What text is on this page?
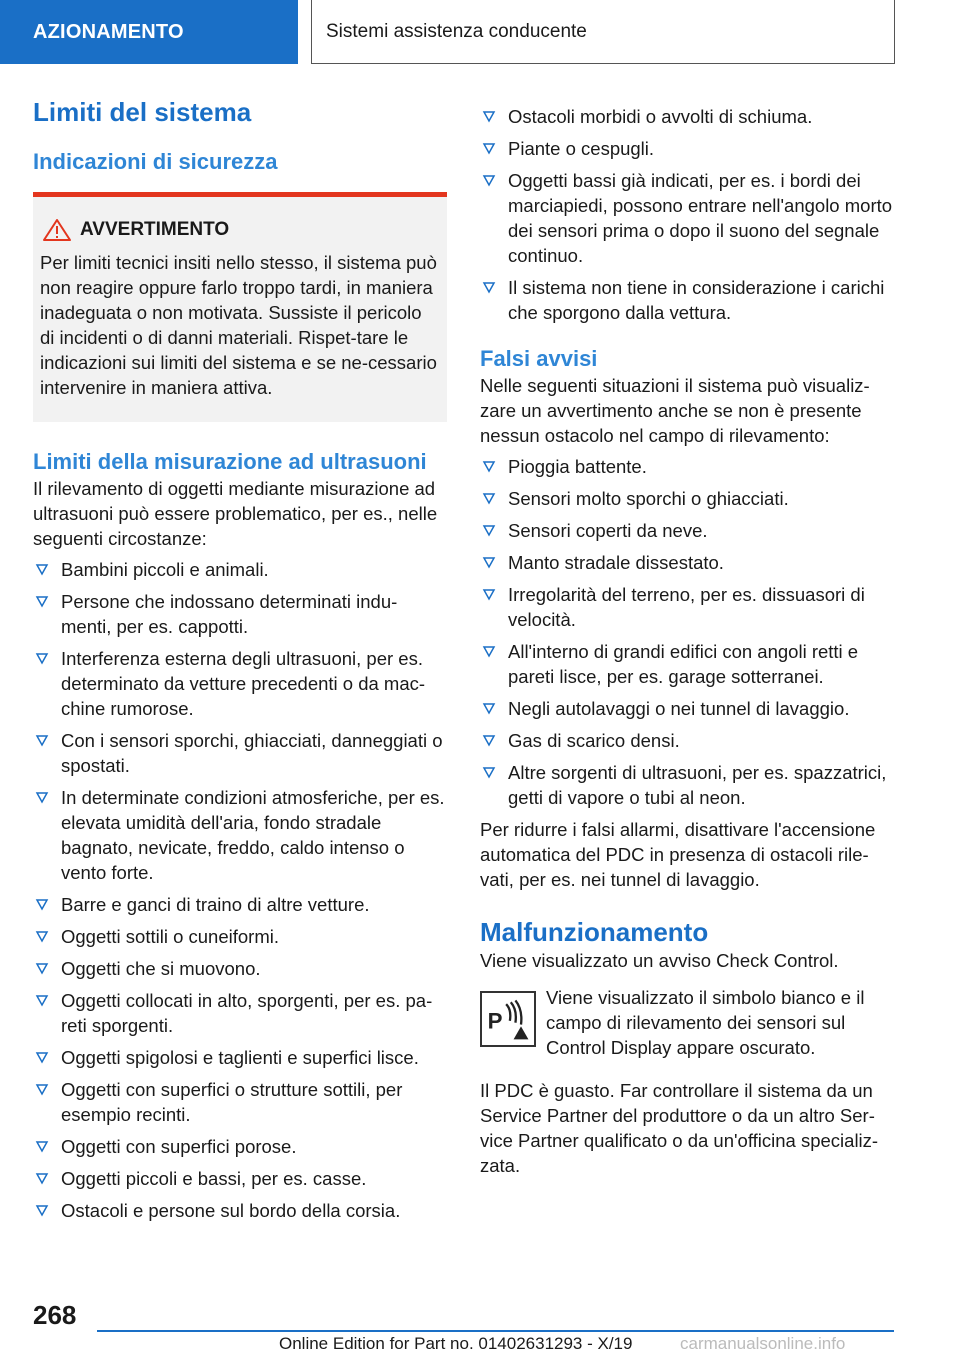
AZIONAMENTO	Sistemi assistenza conducente
Limiti del sistema
Indicazioni di sicurezza
AVVERTIMENTO

Per limiti tecnici insiti nello stesso, il sistema può non reagire oppure farlo troppo tardi, in maniera inadeguata o non motivata. Sussiste il pericolo di incidenti o di danni materiali. Rispet-tare le indicazioni sui limiti del sistema e se ne-cessario intervenire in maniera attiva.

Limiti della misurazione ad ultrasuoni

Il rilevamento di oggetti mediante misurazione ad ultrasuoni può essere problematico, per es., nelle seguenti circostanze:

Bambini piccoli e animali.
Persone che indossano determinati indu-menti, per es. cappotti.
Interferenza esterna degli ultrasuoni, per es. determinato da vetture precedenti o da mac-chine rumorose.
Con i sensori sporchi, ghiacciati, danneggiati o spostati.
In determinate condizioni atmosferiche, per es. elevata umidità dell'aria, fondo stradale bagnato, nevicate, freddo, caldo intenso o vento forte.
Barre e ganci di traino di altre vetture.
Oggetti sottili o cuneiformi.
Oggetti che si muovono.
Oggetti collocati in alto, sporgenti, per es. pa-reti sporgenti.
Oggetti spigolosi e taglienti e superfici lisce.
Oggetti con superfici o strutture sottili, per esempio recinti.
Oggetti con superfici porose.
Oggetti piccoli e bassi, per es. casse.
Ostacoli e persone sul bordo della corsia.
Ostacoli morbidi o avvolti di schiuma.
Piante o cespugli.
Oggetti bassi già indicati, per es. i bordi dei marciapiedi, possono entrare nell'angolo morto dei sensori prima o dopo il suono del segnale continuo.
Il sistema non tiene in considerazione i carichi che sporgono dalla vettura.
Falsi avvisi

Nelle seguenti situazioni il sistema può visualiz-zare un avvertimento anche se non è presente nessun ostacolo nel campo di rilevamento:

Pioggia battente.
Sensori molto sporchi o ghiacciati.
Sensori coperti da neve.
Manto stradale dissestato.
Irregolarità del terreno, per es. dissuasori di velocità.
All'interno di grandi edifici con angoli retti e pareti lisce, per es. garage sotterranei.
Negli autolavaggi o nei tunnel di lavaggio.
Gas di scarico densi.
Altre sorgenti di ultrasuoni, per es. spazzatrici, getti di vapore o tubi al neon.

Per ridurre i falsi allarmi, disattivare l'accensione automatica del PDC in presenza di ostacoli rile-vati, per es. nei tunnel di lavaggio.

Malfunzionamento

Viene visualizzato un avviso Check Control.

P

Viene visualizzato il simbolo bianco e il campo di rilevamento dei sensori sul Control Display appare oscurato.

Il PDC è guasto. Far controllare il sistema da un Service Partner del produttore o da un altro Ser-vice Partner qualificato o da un'officina specializ-zata.

268
Online Edition for Part no. 01402631293 - X/19	carmanualsonline.info
